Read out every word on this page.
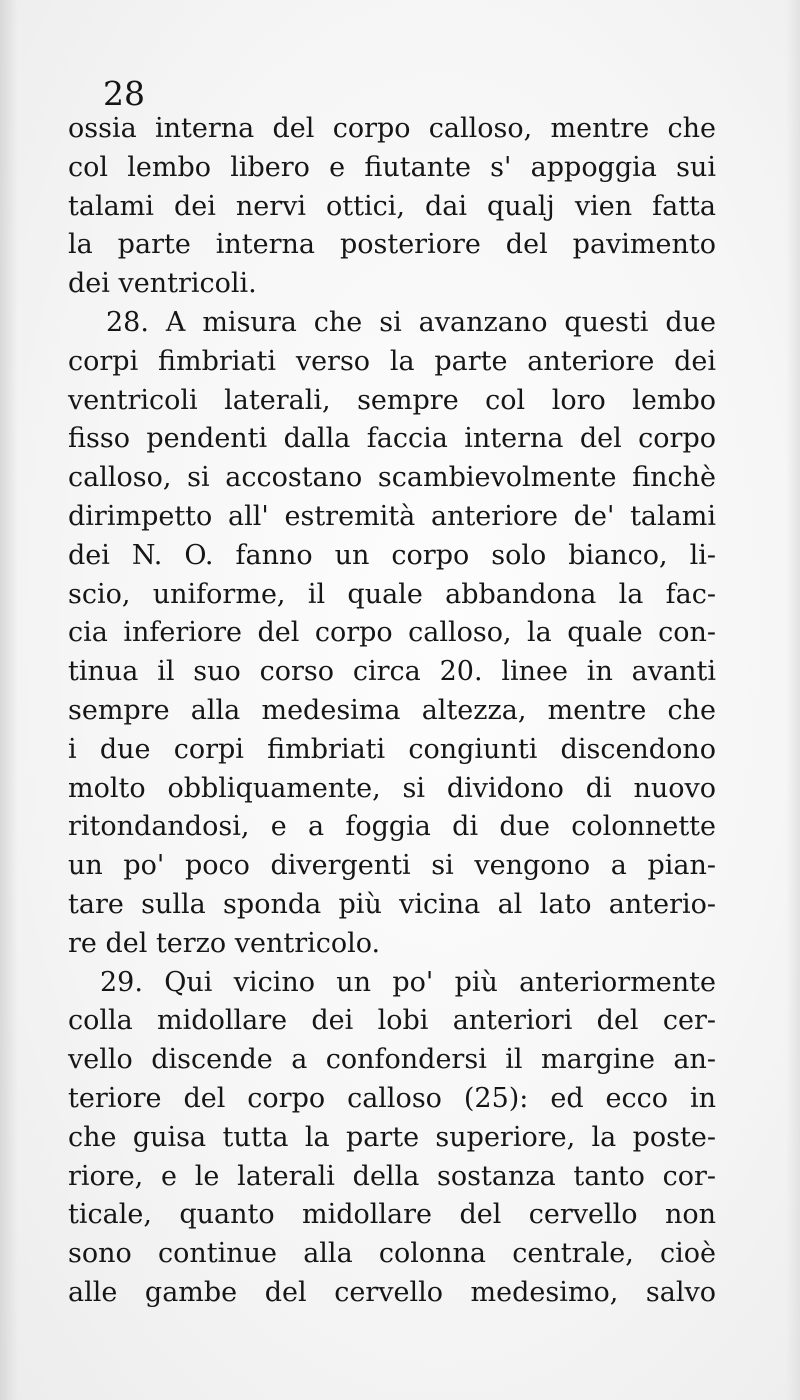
28
ossia interna del corpo calloso, mentre che
col lembo libero e fiutante s' appoggia sui
talami dei nervi ottici, dai qualj vien fatta
la parte interna posteriore del pavimento
dei ventricoli.
28. A misura che si avanzano questi due
corpi fimbriati verso la parte anteriore dei
ventricoli laterali, sempre col loro lembo
fisso pendenti dalla faccia interna del corpo
calloso, si accostano scambievolmente finchè
dirimpetto all' estremità anteriore de' talami
dei N. O. fanno un corpo solo bianco, li-
scio, uniforme, il quale abbandona la fac-
cia inferiore del corpo calloso, la quale con-
tinua il suo corso circa 20. linee in avanti
sempre alla medesima altezza, mentre che
i due corpi fimbriati congiunti discendono
molto obbliquamente, si dividono di nuovo
ritondandosi, e a foggia di due colonnette
un po' poco divergenti si vengono a pian-
tare sulla sponda più vicina al lato anterio-
re del terzo ventricolo.
29. Qui vicino un po' più anteriormente
colla midollare dei lobi anteriori del cer-
vello discende a confondersi il margine an-
teriore del corpo calloso (25): ed ecco in
che guisa tutta la parte superiore, la poste-
riore, e le laterali della sostanza tanto cor-
ticale, quanto midollare del cervello non
sono continue alla colonna centrale, cioè
alle gambe del cervello medesimo, salvo
